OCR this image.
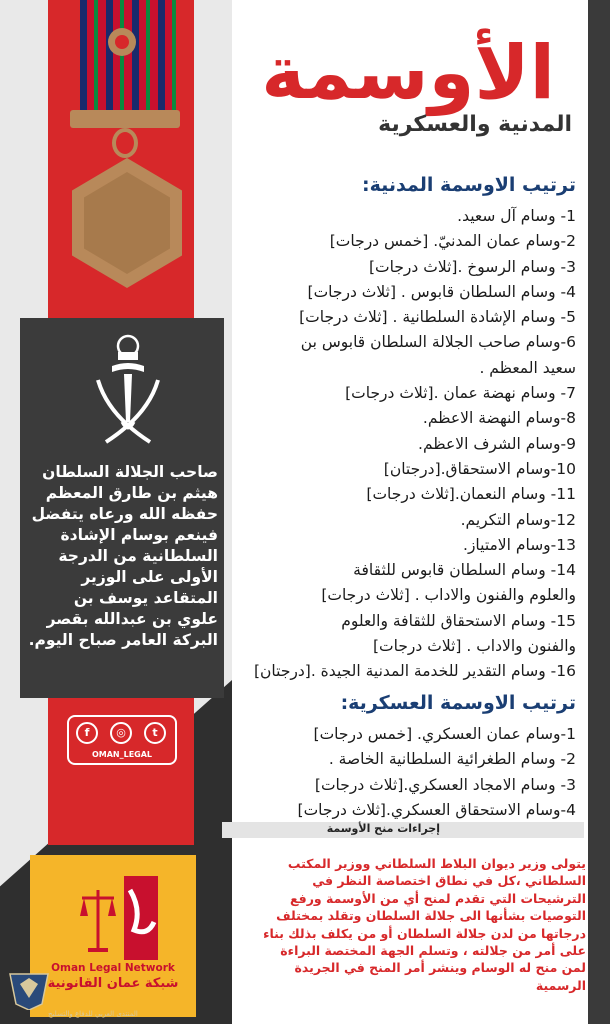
صاحب الجلالة السلطان هيثم بن طارق المعظم حفظه الله ورعاه يتفضل فينعم بوسام الإشادة السلطانية من الدرجة الأولى على الوزير المتقاعد يوسف بن علوي بن عبدالله بقصر البركة العامر صباح اليوم.
f	◎	t
OMAN_LEGAL
Oman Legal Network
شبكة عمان القانونية
المنتدى العربي للدفاع والتسليح
الأوسمة
المدنية والعسكرية
ترتيب الاوسمة المدنية:
1- وسام آل سعيد.
2-وسام عمان المدنيّ. [خمس درجات]
3- وسام الرسوخ .[ثلاث درجات]
4- وسام السلطان قابوس . [ثلاث درجات]
5- وسام الإشادة السلطانية . [ثلاث درجات]
6-وسام صاحب الجلالة السلطان قابوس بن
سعيد المعظم .
7- وسام نهضة عمان .[ثلاث درجات]
8-وسام النهضة الاعظم.
9-وسام الشرف الاعظم.
10-وسام الاستحقاق.[درجتان]
11- وسام النعمان.[ثلاث درجات]
12-وسام التكريم.
13-وسام الامتياز.
14- وسام السلطان قابوس للثقافة
والعلوم والفنون والاداب . [ثلاث درجات]
15- وسام الاستحقاق للثقافة والعلوم
والفنون والاداب . [ثلاث درجات]
16- وسام التقدير للخدمة المدنية الجيدة .[درجتان]
ترتيب الاوسمة العسكرية:
1-وسام عمان العسكري. [خمس درجات]
2- وسام الطغرائية السلطانية الخاصة .
3- وسام الامجاد العسكري.[ثلاث درجات]
4-وسام الاستحقاق العسكري.[ثلاث درجات]
إجراءات منح الأوسمة
يتولى وزير ديوان البلاط السلطاني ووزير المكتب السلطاني ،كل في نطاق اختصاصة النظر في الترشيحات التي تقدم لمنح أي من الأوسمة ورفع التوصيات بشأنها الى جلالة السلطان وتقلد بمختلف درجاتها من لدن جلالة السلطان أو من يكلف بذلك بناء على أمر من جلالته ، وتسلم الجهة المختصة البراءة لمن منح له الوسام وينشر أمر المنح في الجريدة الرسمية
